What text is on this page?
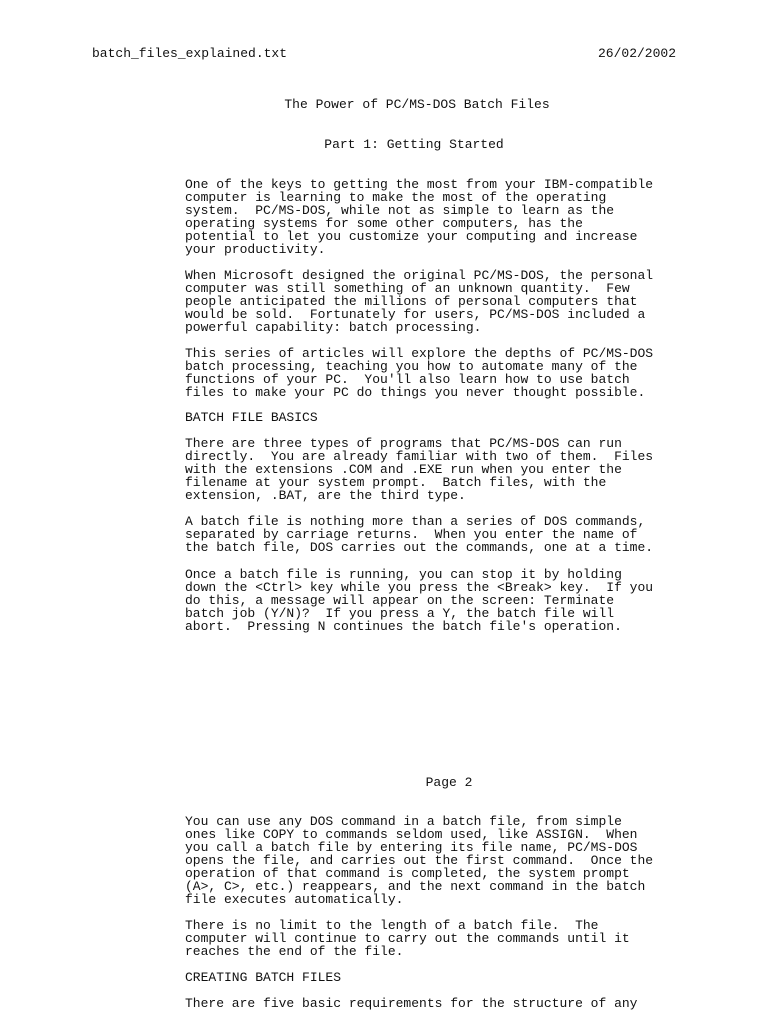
batch_files_explained.txt	26/02/2002
The Power of PC/MS-DOS Batch Files
Part 1: Getting Started
One of the keys to getting the most from your IBM-compatible
computer is learning to make the most of the operating
system.  PC/MS-DOS, while not as simple to learn as the
operating systems for some other computers, has the
potential to let you customize your computing and increase
your productivity.
When Microsoft designed the original PC/MS-DOS, the personal
computer was still something of an unknown quantity.  Few
people anticipated the millions of personal computers that
would be sold.  Fortunately for users, PC/MS-DOS included a
powerful capability: batch processing.
This series of articles will explore the depths of PC/MS-DOS
batch processing, teaching you how to automate many of the
functions of your PC.  You'll also learn how to use batch
files to make your PC do things you never thought possible.
BATCH FILE BASICS
There are three types of programs that PC/MS-DOS can run
directly.  You are already familiar with two of them.  Files
with the extensions .COM and .EXE run when you enter the
filename at your system prompt.  Batch files, with the
extension, .BAT, are the third type.
A batch file is nothing more than a series of DOS commands,
separated by carriage returns.  When you enter the name of
the batch file, DOS carries out the commands, one at a time.
Once a batch file is running, you can stop it by holding
down the <Ctrl> key while you press the <Break> key.  If you
do this, a message will appear on the screen: Terminate
batch job (Y/N)?  If you press a Y, the batch file will
abort.  Pressing N continues the batch file's operation.
Page 2
You can use any DOS command in a batch file, from simple
ones like COPY to commands seldom used, like ASSIGN.  When
you call a batch file by entering its file name, PC/MS-DOS
opens the file, and carries out the first command.  Once the
operation of that command is completed, the system prompt
(A>, C>, etc.) reappears, and the next command in the batch
file executes automatically.
There is no limit to the length of a batch file.  The
computer will continue to carry out the commands until it
reaches the end of the file.
CREATING BATCH FILES
There are five basic requirements for the structure of any
